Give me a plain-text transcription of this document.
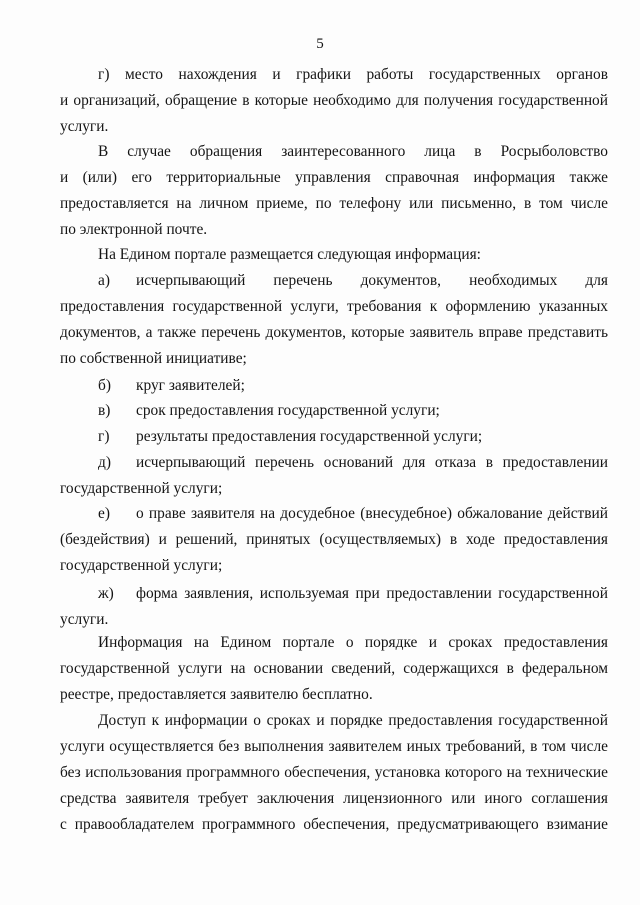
5
г) место нахождения и графики работы государственных органов
и организаций, обращение в которые необходимо для получения государственной
услуги.
В случае обращения заинтересованного лица в Росрыболовство
и (или) его территориальные управления справочная информация также
предоставляется на личном приеме, по телефону или письменно, в том числе
по электронной почте.
На Едином портале размещается следующая информация:
а)	исчерпывающий перечень документов, необходимых для
предоставления государственной услуги, требования к оформлению указанных
документов, а также перечень документов, которые заявитель вправе представить
по собственной инициативе;
б)	круг заявителей;
в)	срок предоставления государственной услуги;
г)	результаты предоставления государственной услуги;
д)	исчерпывающий перечень оснований для отказа в предоставлении
государственной услуги;
е)	о праве заявителя на досудебное (внесудебное) обжалование действий
(бездействия) и решений, принятых (осуществляемых) в ходе предоставления
государственной услуги;
ж)	форма заявления, используемая при предоставлении государственной
услуги.
Информация на Едином портале о порядке и сроках предоставления
государственной услуги на основании сведений, содержащихся в федеральном
реестре, предоставляется заявителю бесплатно.
Доступ к информации о сроках и порядке предоставления государственной
услуги осуществляется без выполнения заявителем иных требований, в том числе
без использования программного обеспечения, установка которого на технические
средства заявителя требует заключения лицензионного или иного соглашения
с правообладателем программного обеспечения, предусматривающего взимание
